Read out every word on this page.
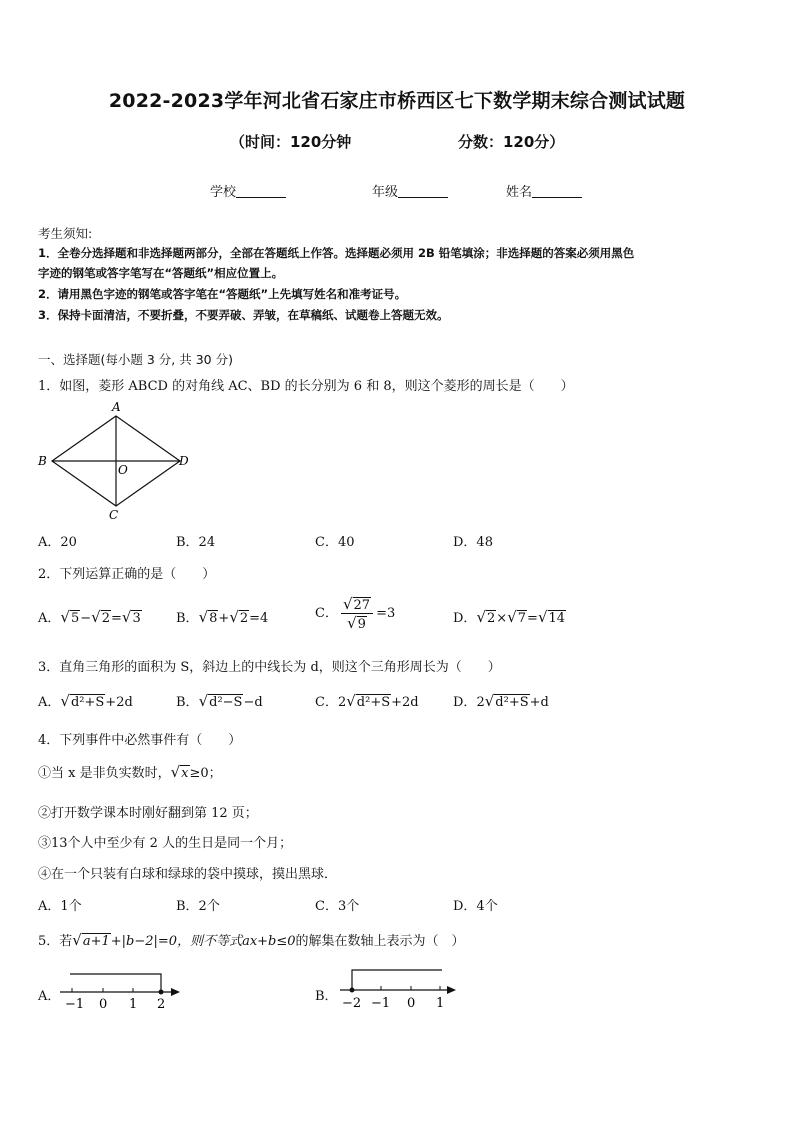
2022-2023学年河北省石家庄市桥西区七下数学期末综合测试试题
（时间：120分钟	分数：120分）
学校	年级	姓名
考生须知:
1．全卷分选择题和非选择题两部分，全部在答题纸上作答。选择题必须用 2B 铅笔填涂；非选择题的答案必须用黑色
字迹的钢笔或答字笔写在“答题纸”相应位置上。
2．请用黑色字迹的钢笔或答字笔在“答题纸”上先填写姓名和准考证号。
3．保持卡面清洁，不要折叠，不要弄破、弄皱，在草稿纸、试题卷上答题无效。
一、选择题(每小题 3 分, 共 30 分)
1．如图，菱形 ABCD 的对角线 AC、BD 的长分别为 6 和 8，则这个菱形的周长是（　　）
A
B
C
D
O
A．20	B．24	C．40	D．48
2．下列运算正确的是（　　）
A．√5−√2=√3	B．√8+√2=4	C． $\frac{√27}{√9} =3$	D．√2×√7=√14
3．直角三角形的面积为 S，斜边上的中线长为 d，则这个三角形周长为（　　）
A．√d²+S+2d	B．√d²−S−d	C．2√d²+S+2d	D．2√d²+S+d
4．下列事件中必然事件有（　　）
①当 x 是非负实数时，√x≥0；
②打开数学课本时刚好翻到第 12 页；
③13个人中至少有 2 人的生日是同一个月；
④在一个只装有白球和绿球的袋中摸球，摸出黑球．
A．1个	B．2个	C．3个	D．4个
5．若√a+1+|b−2|=0，则不等式ax+b≤0的解集在数轴上表示为（　）
A．
−1 0 1 2
B． −2 −1 0 1
